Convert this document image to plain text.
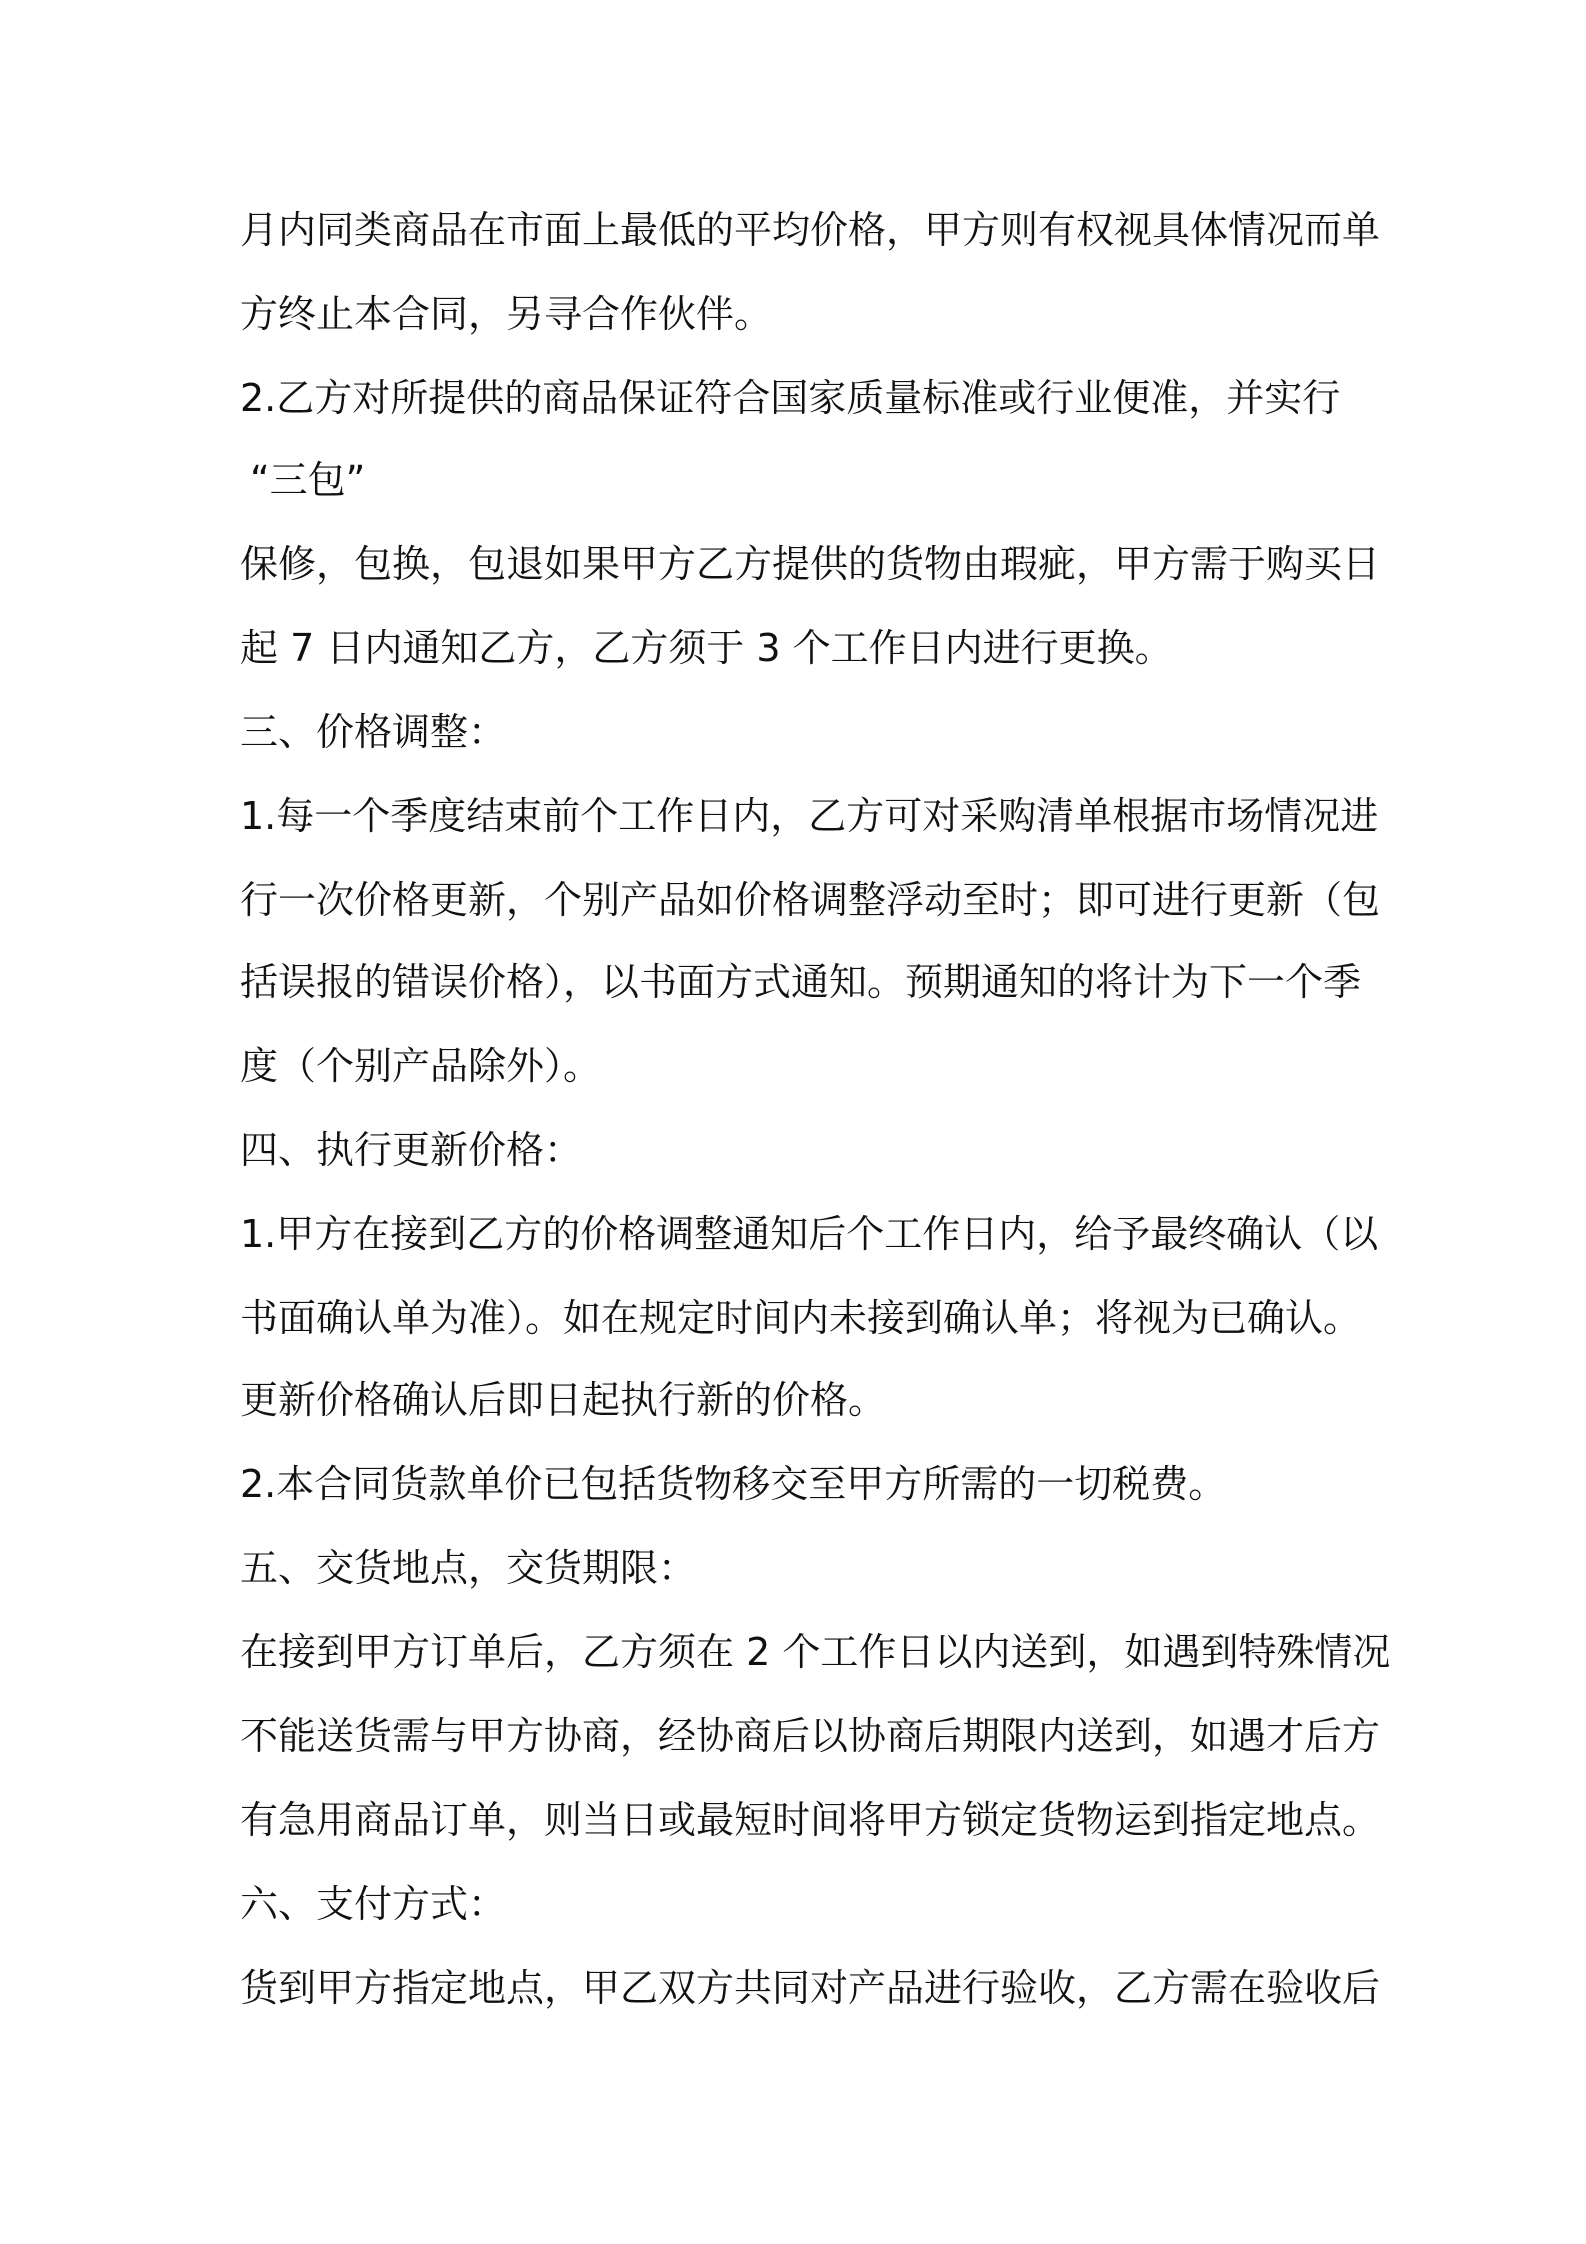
月内同类商品在市面上最低的平均价格，甲方则有权视具体情况而单
方终止本合同，另寻合作伙伴。
2.乙方对所提供的商品保证符合国家质量标准或行业便准，并实行
“三包”
保修，包换，包退如果甲方乙方提供的货物由瑕疵，甲方需于购买日
起 7 日内通知乙方，乙方须于 3 个工作日内进行更换。
三、价格调整：
1.每一个季度结束前个工作日内，乙方可对采购清单根据市场情况进
行一次价格更新，个别产品如价格调整浮动至时；即可进行更新（包
括误报的错误价格），以书面方式通知。预期通知的将计为下一个季
度（个别产品除外）。
四、执行更新价格：
1.甲方在接到乙方的价格调整通知后个工作日内，给予最终确认（以
书面确认单为准）。如在规定时间内未接到确认单；将视为已确认。
更新价格确认后即日起执行新的价格。
2.本合同货款单价已包括货物移交至甲方所需的一切税费。
五、交货地点，交货期限：
在接到甲方订单后，乙方须在 2 个工作日以内送到，如遇到特殊情况
不能送货需与甲方协商，经协商后以协商后期限内送到，如遇才后方
有急用商品订单，则当日或最短时间将甲方锁定货物运到指定地点。
六、支付方式：
货到甲方指定地点，甲乙双方共同对产品进行验收，乙方需在验收后
